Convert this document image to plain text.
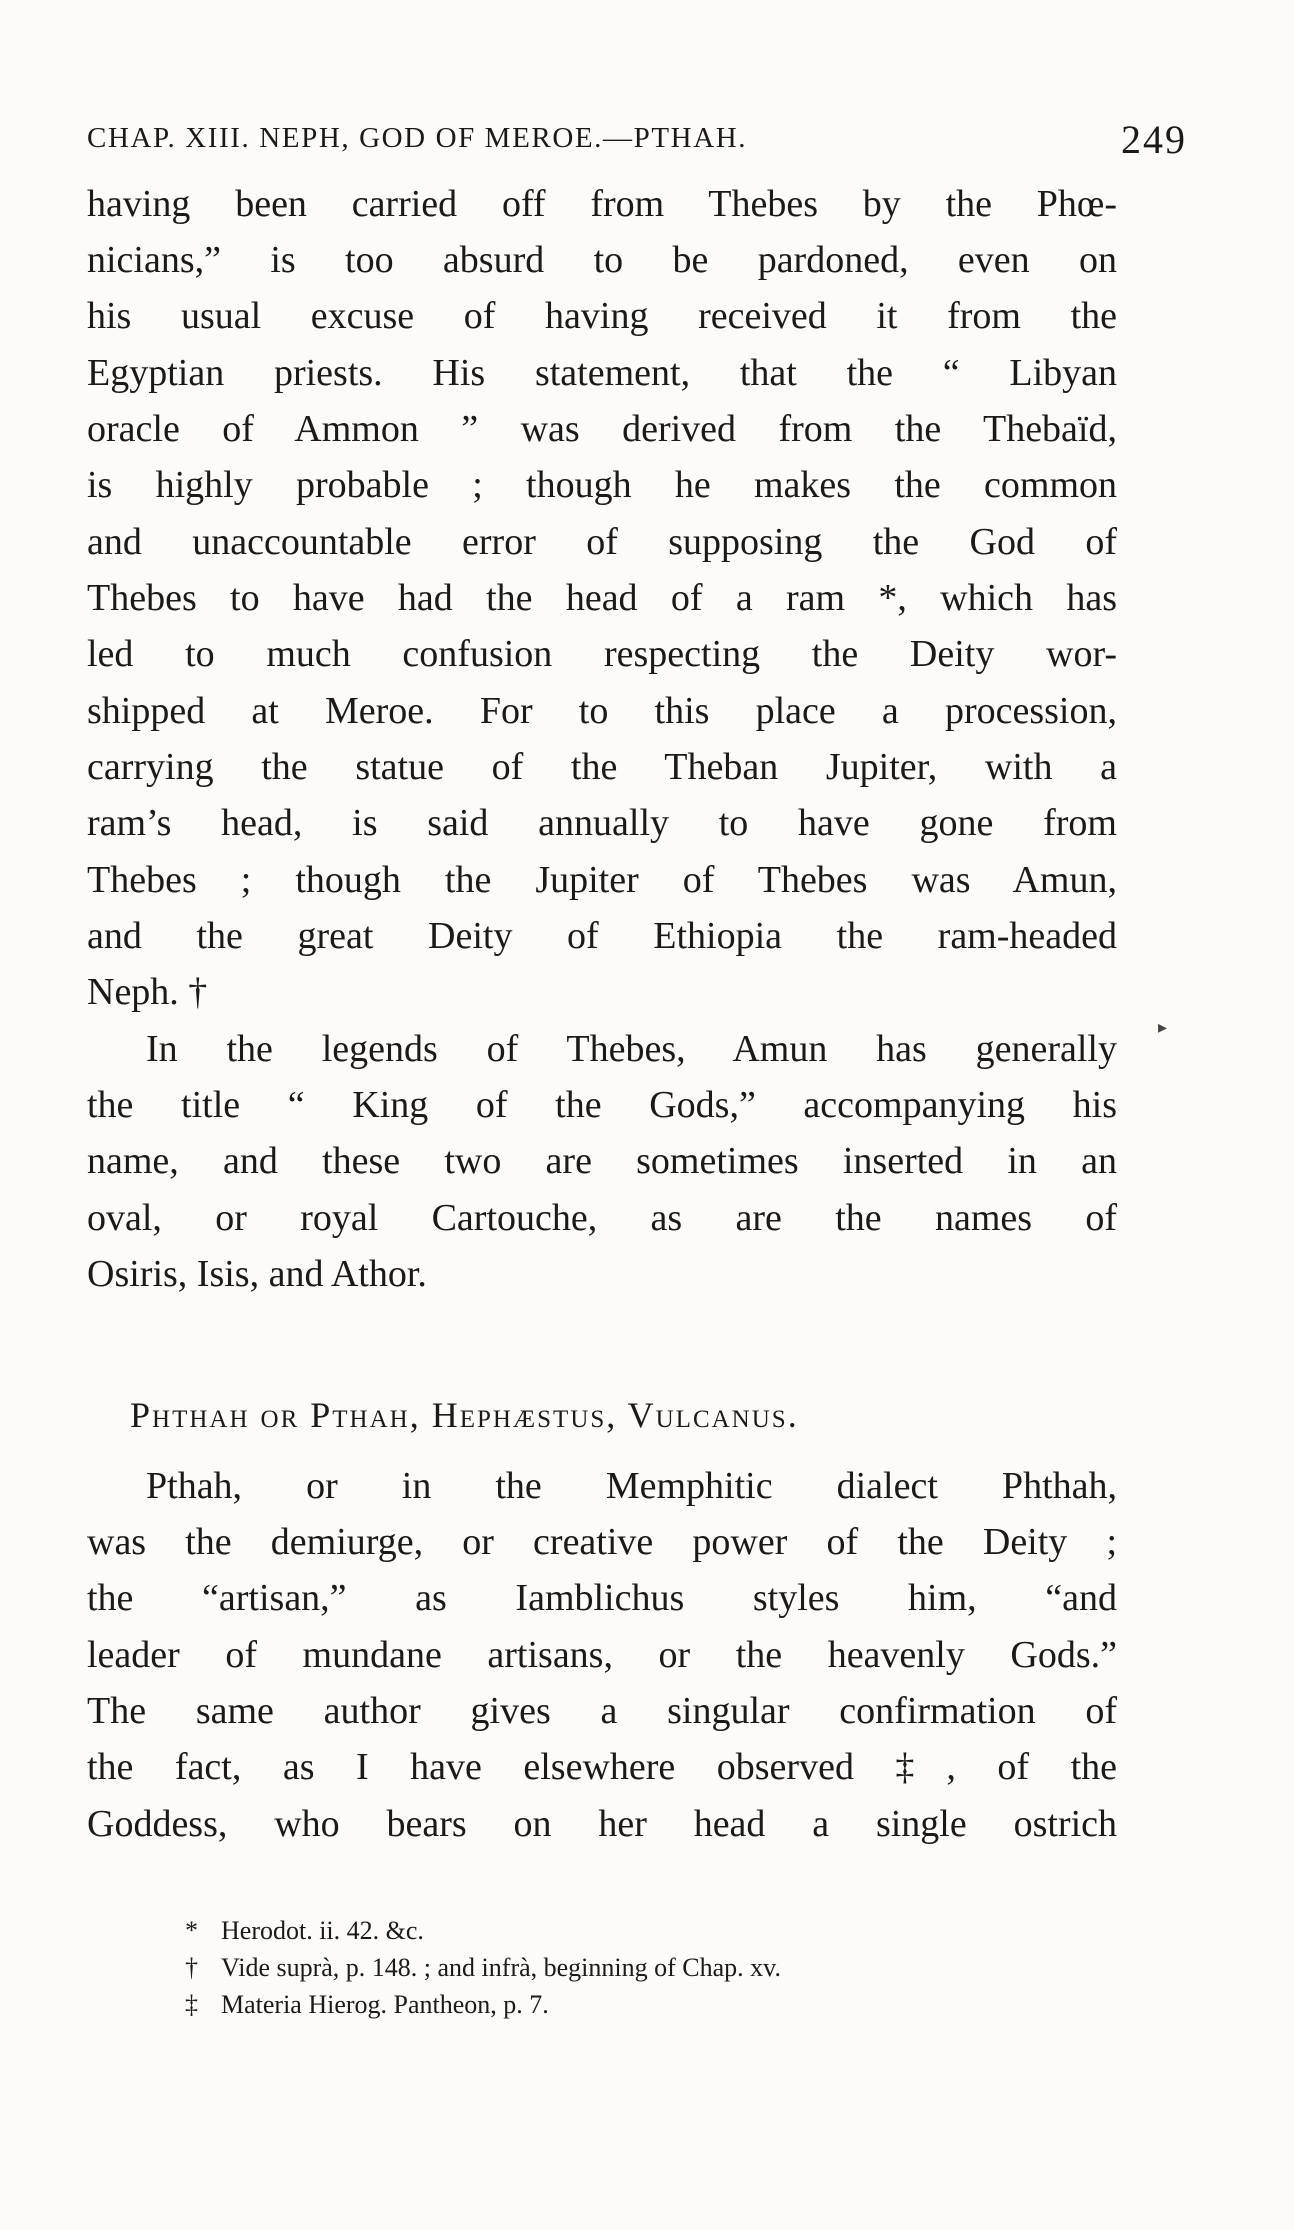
CHAP. XIII. NEPH, GOD OF MEROE.—PTHAH.	249
having been carried off from Thebes by the Phœ-
nicians,” is too absurd to be pardoned, even on
his usual excuse of having received it from the
Egyptian priests. His statement, that the “ Libyan
oracle of Ammon ” was derived from the Thebaïd,
is highly probable ; though he makes the common
and unaccountable error of supposing the God of
Thebes to have had the head of a ram *, which has
led to much confusion respecting the Deity wor-
shipped at Meroe. For to this place a procession,
carrying the statue of the Theban Jupiter, with a
ram’s head, is said annually to have gone from
Thebes ; though the Jupiter of Thebes was Amun,
and the great Deity of Ethiopia the ram-headed
Neph. †
In the legends of Thebes, Amun has generally
the title “ King of the Gods,” accompanying his
name, and these two are sometimes inserted in an
oval, or royal Cartouche, as are the names of
Osiris, Isis, and Athor.
▸
Phthah or Pthah, Hephæstus, Vulcanus.
Pthah, or in the Memphitic dialect Phthah,
was the demiurge, or creative power of the Deity ;
the “artisan,” as Iamblichus styles him, “and
leader of mundane artisans, or the heavenly Gods.”
The same author gives a singular confirmation of
the fact, as I have elsewhere observed ‡, of the
Goddess, who bears on her head a single ostrich
* Herodot. ii. 42. &c.
† Vide suprà, p. 148. ; and infrà, beginning of Chap. xv.
‡ Materia Hierog. Pantheon, p. 7.
